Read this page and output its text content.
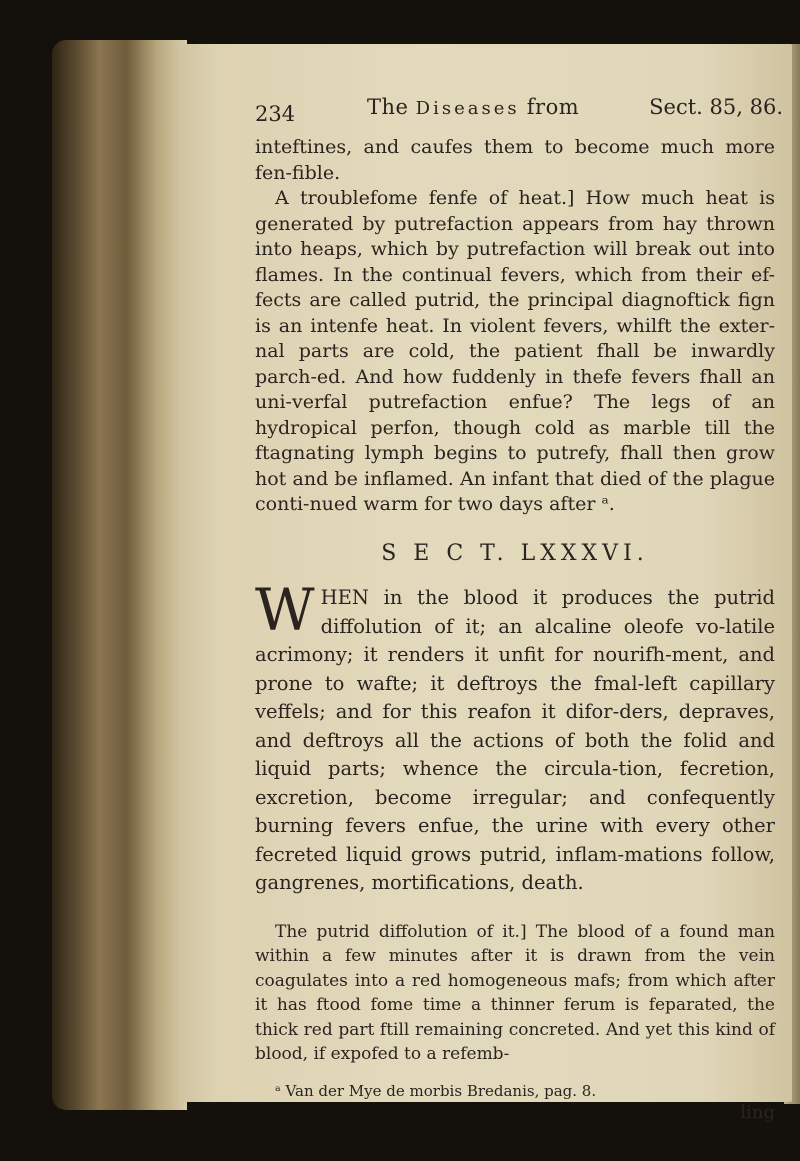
234	The Diseases from	Sect. 85, 86.

inteftines, and caufes them to become much more fen-fible.

A troublefome fenfe of heat.] How much heat is generated by putrefaction appears from hay thrown into heaps, which by putrefaction will break out into flames. In the continual fevers, which from their ef-fects are called putrid, the principal diagnoftick fign is an intenfe heat. In violent fevers, whilft the exter-nal parts are cold, the patient fhall be inwardly parch-ed. And how fuddenly in thefe fevers fhall an uni-verfal putrefaction enfue? The legs of an hydropical perfon, though cold as marble till the ftagnating lymph begins to putrefy, fhall then grow hot and be inflamed. An infant that died of the plague conti-nued warm for two days after ᵃ.

S E C T. LXXXVI.

WHEN in the blood it produces the putrid diffolution of it; an alcaline oleofe vo-latile acrimony; it renders it unfit for nourifh-ment, and prone to wafte; it deftroys the fmal-left capillary veffels; and for this reafon it difor-ders, depraves, and deftroys all the actions of both the folid and liquid parts; whence the circula-tion, fecretion, excretion, become irregular; and confequently burning fevers enfue, the urine with every other fecreted liquid grows putrid, inflam-mations follow, gangrenes, mortifications, death.

The putrid diffolution of it.] The blood of a found man within a few minutes after it is drawn from the vein coagulates into a red homogeneous mafs; from which after it has ftood fome time a thinner ferum is feparated, the thick red part ftill remaining concreted. And yet this kind of blood, if expofed to a refemb-

ᵃ Van der Mye de morbis Bredanis, pag. 8.

ling
